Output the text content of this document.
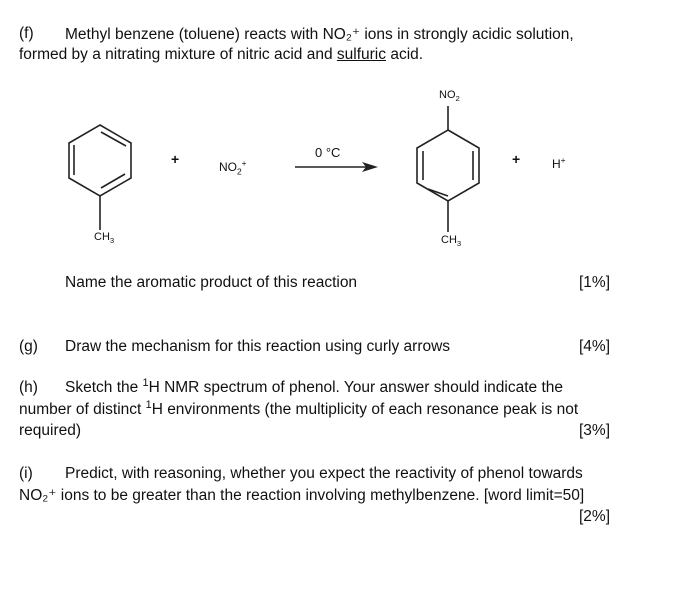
(f) Methyl benzene (toluene) reacts with NO₂⁺ ions in strongly acidic solution,
formed by a nitrating mixture of nitric acid and sulfuric acid.
$CH_3$
+	$NO_2^+$
0 °C
$NO_2$
$CH_3$
+	H+
Name the aromatic product of this reaction	[1%]
(g) Draw the mechanism for this reaction using curly arrows	[4%]
(h) Sketch the $^1$H NMR spectrum of phenol. Your answer should indicate the
number of distinct $^1$H environments (the multiplicity of each resonance peak is not
required)	[3%]
(i) Predict, with reasoning, whether you expect the reactivity of phenol towards
NO₂⁺ ions to be greater than the reaction involving methylbenzene. [word limit=50]
[2%]
